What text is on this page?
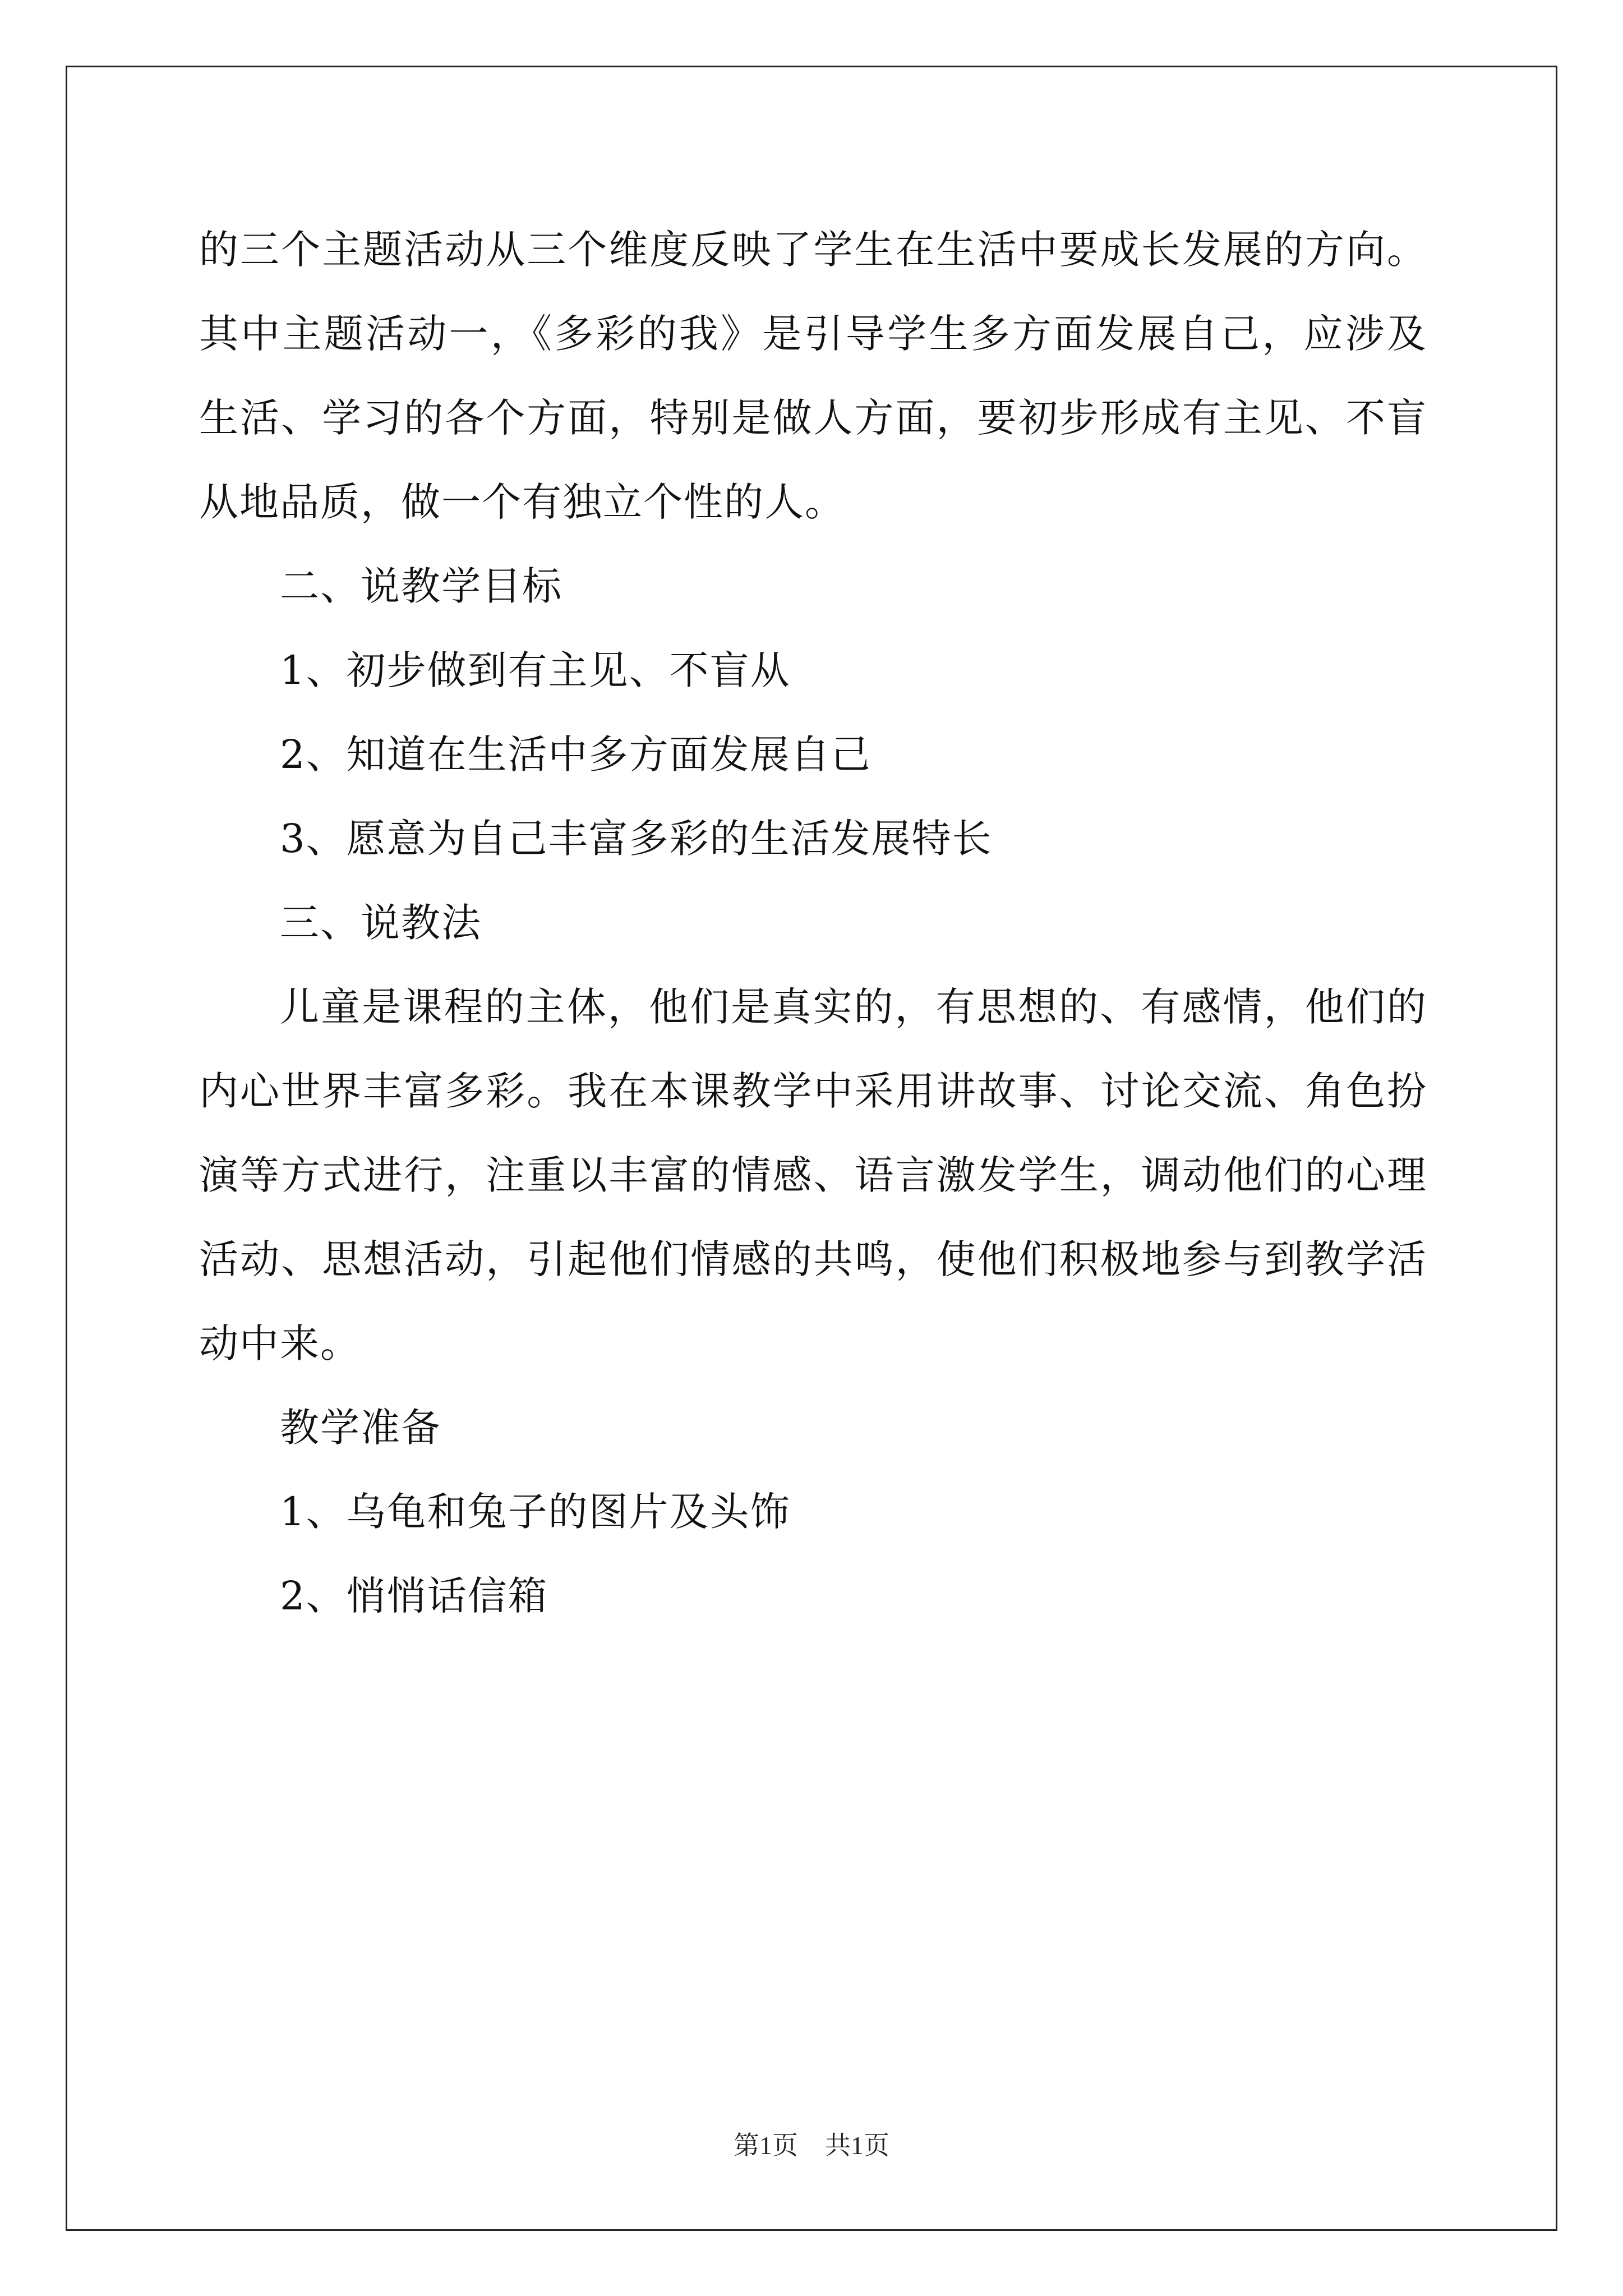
的三个主题活动从三个维度反映了学生在生活中要成长发展的方向。其中主题活动一，《多彩的我》是引导学生多方面发展自己，应涉及生活、学习的各个方面，特别是做人方面，要初步形成有主见、不盲从地品质，做一个有独立个性的人。

二、说教学目标

1、初步做到有主见、不盲从

2、知道在生活中多方面发展自己

3、愿意为自己丰富多彩的生活发展特长

三、说教法

儿童是课程的主体，他们是真实的，有思想的、有感情，他们的内心世界丰富多彩。我在本课教学中采用讲故事、讨论交流、角色扮演等方式进行，注重以丰富的情感、语言激发学生，调动他们的心理活动、思想活动，引起他们情感的共鸣，使他们积极地参与到教学活动中来。

教学准备

1、乌龟和兔子的图片及头饰

2、悄悄话信箱

第1页 共1页
